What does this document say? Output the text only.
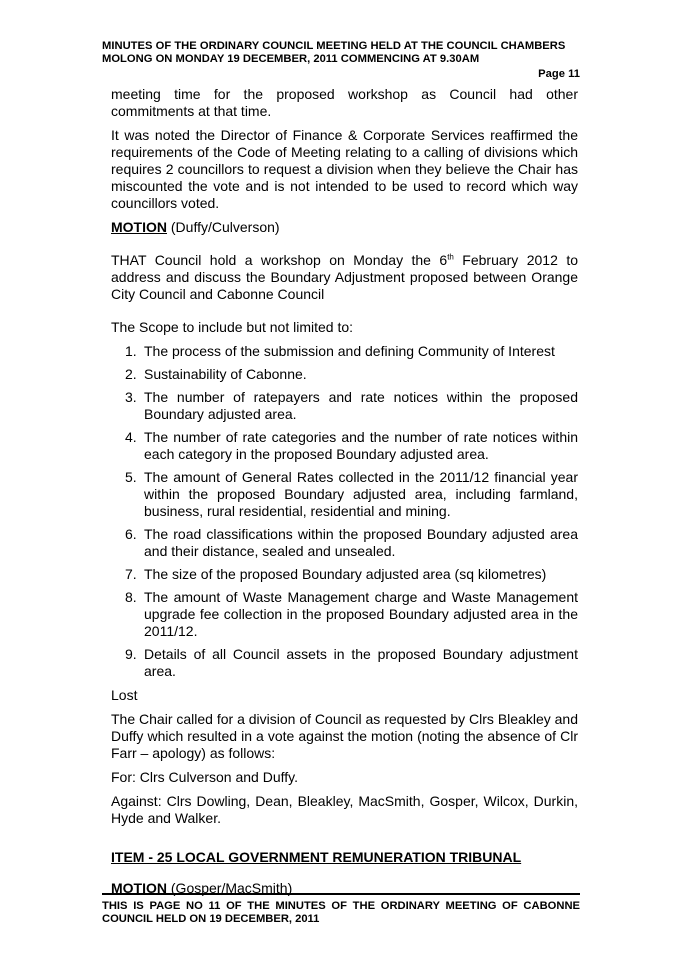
MINUTES OF THE ORDINARY COUNCIL MEETING HELD AT THE COUNCIL CHAMBERS
MOLONG ON MONDAY 19 DECEMBER, 2011 COMMENCING AT 9.30AM
Page 11

meeting time for the proposed workshop as Council had other commitments at that time.

It was noted the Director of Finance & Corporate Services reaffirmed the requirements of the Code of Meeting relating to a calling of divisions which requires 2 councillors to request a division when they believe the Chair has miscounted the vote and is not intended to be used to record which way councillors voted.

MOTION (Duffy/Culverson)

THAT Council hold a workshop on Monday the 6th February 2012 to address and discuss the Boundary Adjustment proposed between Orange City Council and Cabonne Council

The Scope to include but not limited to:

1. The process of the submission and defining Community of Interest
2. Sustainability of Cabonne.
3. The number of ratepayers and rate notices within the proposed Boundary adjusted area.
4. The number of rate categories and the number of rate notices within each category in the proposed Boundary adjusted area.
5. The amount of General Rates collected in the 2011/12 financial year within the proposed Boundary adjusted area, including farmland, business, rural residential, residential and mining.
6. The road classifications within the proposed Boundary adjusted area and their distance, sealed and unsealed.
7. The size of the proposed Boundary adjusted area (sq kilometres)
8. The amount of Waste Management charge and Waste Management upgrade fee collection in the proposed Boundary adjusted area in the 2011/12.
9. Details of all Council assets in the proposed Boundary adjustment area.

Lost

The Chair called for a division of Council as requested by Clrs Bleakley and Duffy which resulted in a vote against the motion (noting the absence of Clr Farr – apology) as follows:

For: Clrs Culverson and Duffy.

Against: Clrs Dowling, Dean, Bleakley, MacSmith, Gosper, Wilcox, Durkin, Hyde and Walker.

ITEM - 25 LOCAL GOVERNMENT REMUNERATION TRIBUNAL

MOTION (Gosper/MacSmith)

THIS IS PAGE NO 11 OF THE MINUTES OF THE ORDINARY MEETING OF CABONNE COUNCIL HELD ON 19 DECEMBER, 2011
